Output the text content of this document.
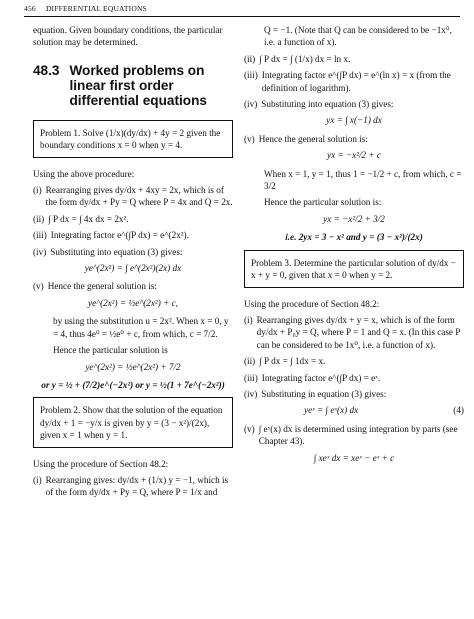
456 DIFFERENTIAL EQUATIONS

equation. Given boundary conditions, the particular solution may be determined.

48.3 Worked problems on linear first order differential equations
Problem 1. Solve (1/x)(dy/dx) + 4y = 2 given the boundary conditions x = 0 when y = 4.

Using the above procedure:

(i) Rearranging gives dy/dx + 4xy = 2x, which is of the form dy/dx + Py = Q where P = 4x and Q = 2x.
(ii) ∫ P dx = ∫ 4x dx = 2x².
(iii) Integrating factor e^(∫P dx) = e^(2x²).
(iv) Substituting into equation (3) gives:
ye^(2x²) = ∫ e^(2x²)(2x) dx
(v) Hence the general solution is:
ye^(2x²) = ½e^(2x²) + c,

by using the substitution u = 2x². When x = 0, y = 4, thus 4e⁰ = ½e⁰ + c, from which, c = 7/2.

Hence the particular solution is

ye^(2x²) = ½e^(2x²) + 7/2
or y = ½ + (7/2)e^(−2x²) or y = ½(1 + 7e^(−2x²))
Problem 2. Show that the solution of the equation dy/dx + 1 = −y/x is given by y = (3 − x²)/(2x), given x = 1 when y = 1.

Using the procedure of Section 48.2:

(i) Rearranging gives: dy/dx + (1/x) y = −1, which is of the form dy/dx + Py = Q, where P = 1/x and

Q = −1. (Note that Q can be considered to be −1x⁰, i.e. a function of x).

(ii) ∫ P dx = ∫ (1/x) dx = ln x.
(iii) Integrating factor e^(∫P dx) = e^(ln x) = x (from the definition of logarithm).
(iv) Substituting into equation (3) gives:
yx = ∫ x(−1) dx
(v) Hence the general solution is:
yx = −x²/2 + c

When x = 1, y = 1, thus 1 = −1/2 + c, from which, c = 3/2

Hence the particular solution is:

yx = −x²/2 + 3/2
i.e. 2yx = 3 − x² and y = (3 − x²)/(2x)
Problem 3. Determine the particular solution of dy/dx − x + y = 0, given that x = 0 when y = 2.

Using the procedure of Section 48.2:

(i) Rearranging gives dy/dx + y = x, which is of the form dy/dx + P₀y = Q, where P = 1 and Q = x. (In this case P can be considered to be 1x⁰, i.e. a function of x).
(ii) ∫ P dx = ∫ 1dx = x.
(iii) Integrating factor e^(∫P dx) = eˣ.
(iv) Substituting in equation (3) gives:
yeˣ = ∫ eˣ(x) dx	(4)
(v) ∫ eˣ(x) dx is determined using integration by parts (see Chapter 43).
∫ xeˣ dx = xeˣ − eˣ + c
